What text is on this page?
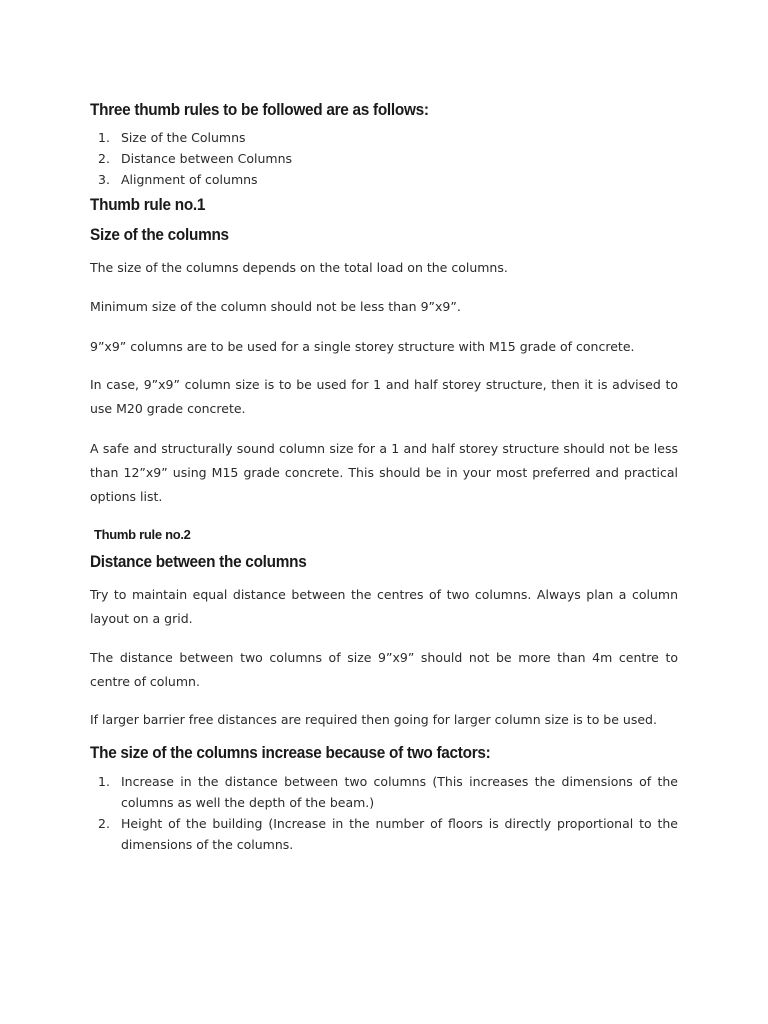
Three thumb rules to be followed are as follows:
1. Size of the Columns
2. Distance between Columns
3. Alignment of columns
Thumb rule no.1
Size of the columns

The size of the columns depends on the total load on the columns.

Minimum size of the column should not be less than 9”x9”.

9”x9” columns are to be used for a single storey structure with M15 grade of concrete.

In case, 9”x9” column size is to be used for 1 and half storey structure, then it is advised to use M20 grade concrete.

A safe and structurally sound column size for a 1 and half storey structure should not be less than 12”x9” using M15 grade concrete. This should be in your most preferred and practical options list.

Thumb rule no.2
Distance between the columns

Try to maintain equal distance between the centres of two columns. Always plan a column layout on a grid.

The distance between two columns of size 9”x9” should not be more than 4m centre to centre of column.

If larger barrier free distances are required then going for larger column size is to be used.

The size of the columns increase because of two factors:
1. Increase in the distance between two columns (This increases the dimensions of the columns as well the depth of the beam.)
2. Height of the building (Increase in the number of floors is directly proportional to the dimensions of the columns.
